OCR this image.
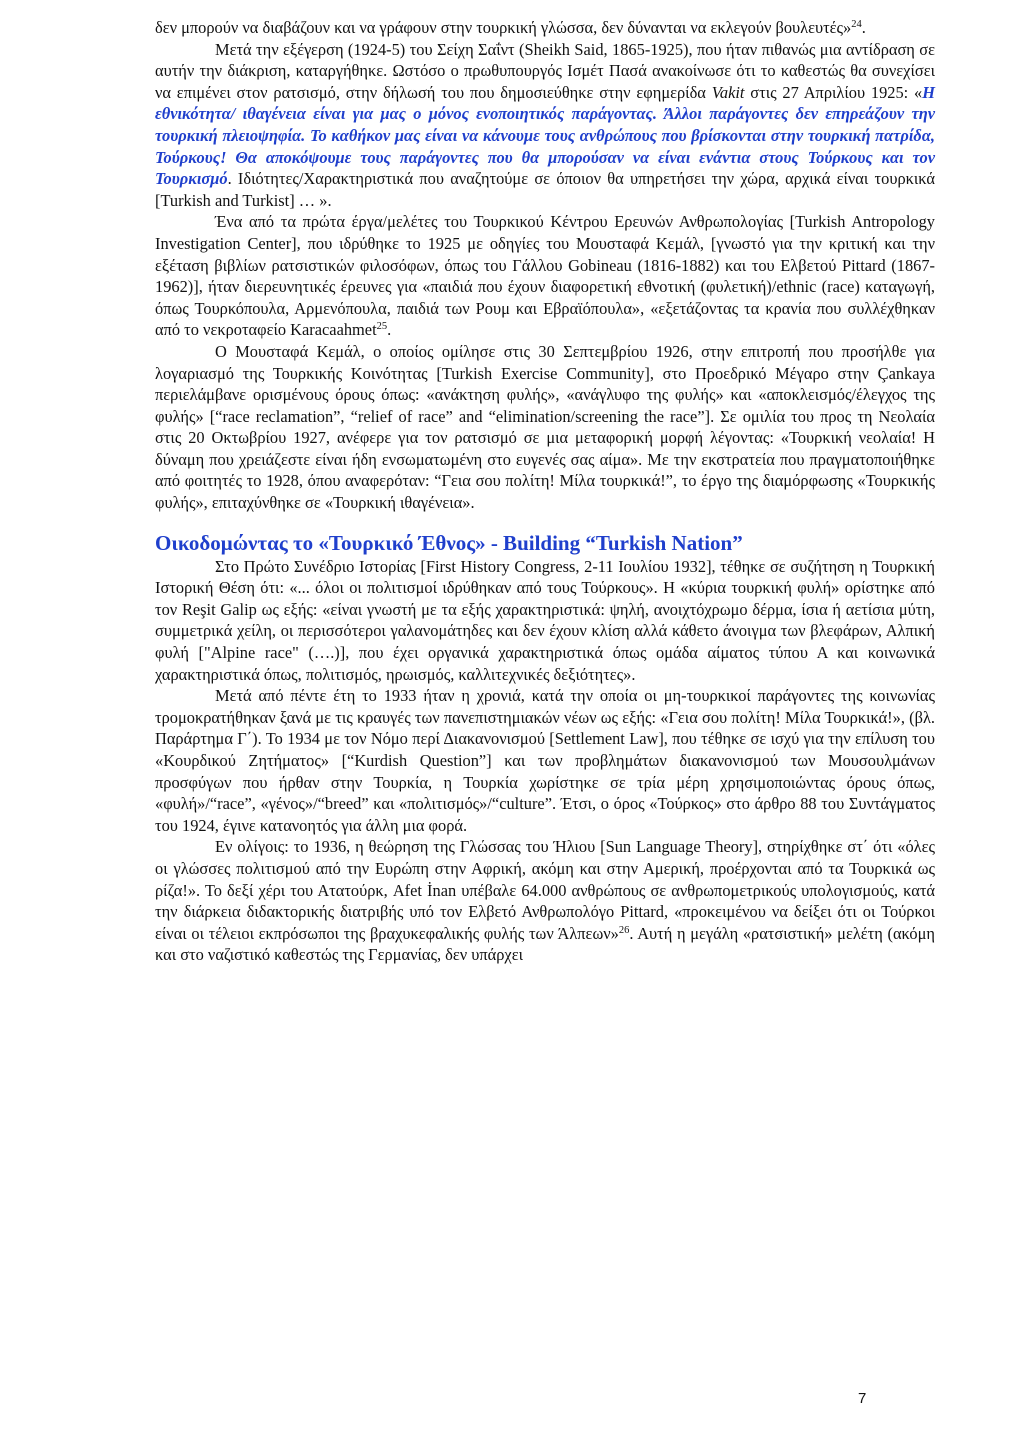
δεν μπορούν να διαβάζουν και να γράφουν στην τουρκική γλώσσα, δεν δύνανται να εκλεγούν βουλευτές»$^{24}$.

Μετά την εξέγερση (1924-5) του Σείχη Σαΐντ (Sheikh Said, 1865-1925), που ήταν πιθανώς μια αντίδραση σε αυτήν την διάκριση, καταργήθηκε. Ωστόσο ο πρωθυπουργός Ισμέτ Πασά ανακοίνωσε ότι το καθεστώς θα συνεχίσει να επιμένει στον ρατσισμό, στην δήλωσή του που δημοσιεύθηκε στην εφημερίδα Vakit στις 27 Απριλίου 1925: «Η εθνικότητα/ ιθαγένεια είναι για μας ο μόνος ενοποιητικός παράγοντας. Άλλοι παράγοντες δεν επηρεάζουν την τουρκική πλειοψηφία. Το καθήκον μας είναι να κάνουμε τους ανθρώπους που βρίσκονται στην τουρκική πατρίδα, Τούρκους! Θα αποκόψουμε τους παράγοντες που θα μπορούσαν να είναι ενάντια στους Τούρκους και τον Τουρκισμό. Ιδιότητες/Χαρακτηριστικά που αναζητούμε σε όποιον θα υπηρετήσει την χώρα, αρχικά είναι τουρκικά [Turkish and Turkist] … ».

Ένα από τα πρώτα έργα/μελέτες του Τουρκικού Κέντρου Ερευνών Ανθρωπολογίας [Turkish Antropology Investigation Center], που ιδρύθηκε το 1925 με οδηγίες του Μουσταφά Κεμάλ, [γνωστό για την κριτική και την εξέταση βιβλίων ρατσιστικών φιλοσόφων, όπως του Γάλλου Gobineau (1816-1882) και του Ελβετού Pittard (1867-1962)], ήταν διερευνητικές έρευνες για «παιδιά που έχουν διαφορετική εθνοτική (φυλετική)/ethnic (race) καταγωγή, όπως Τουρκόπουλα, Αρμενόπουλα, παιδιά των Ρουμ και Εβραϊόπουλα», «εξετάζοντας τα κρανία που συλλέχθηκαν από το νεκροταφείο Karacaahmet$^{25}$.

Ο Μουσταφά Κεμάλ, ο οποίος ομίλησε στις 30 Σεπτεμβρίου 1926, στην επιτροπή που προσήλθε για λογαριασμό της Τουρκικής Κοινότητας [Turkish Exercise Community], στο Προεδρικό Μέγαρο στην Çankaya περιελάμβανε ορισμένους όρους όπως: «ανάκτηση φυλής», «ανάγλυφο της φυλής» και «αποκλεισμός/έλεγχος της φυλής» [“race reclamation”, “relief of race” and “elimination/screening the race”]. Σε ομιλία του προς τη Νεολαία στις 20 Οκτωβρίου 1927, ανέφερε για τον ρατσισμό σε μια μεταφορική μορφή λέγοντας: «Τουρκική νεολαία! Η δύναμη που χρειάζεστε είναι ήδη ενσωματωμένη στο ευγενές σας αίμα». Με την εκστρατεία που πραγματοποιήθηκε από φοιτητές το 1928, όπου αναφερόταν: “Γεια σου πολίτη! Μίλα τουρκικά!”, το έργο της διαμόρφωσης «Τουρκικής φυλής», επιταχύνθηκε σε «Τουρκική ιθαγένεια».

Οικοδομώντας το «Τουρκικό Έθνος» - Building “Turkish Nation”

Στο Πρώτο Συνέδριο Ιστορίας [First History Congress, 2-11 Ιουλίου 1932], τέθηκε σε συζήτηση η Τουρκική Ιστορική Θέση ότι: «... όλοι οι πολιτισμοί ιδρύθηκαν από τους Τούρκους». Η «κύρια τουρκική φυλή» ορίστηκε από τον Reşit Galip ως εξής: «είναι γνωστή με τα εξής χαρακτηριστικά: ψηλή, ανοιχτόχρωμο δέρμα, ίσια ή αετίσια μύτη, συμμετρικά χείλη, οι περισσότεροι γαλανομάτηδες και δεν έχουν κλίση αλλά κάθετο άνοιγμα των βλεφάρων, Αλπική φυλή ["Alpine race" (….)], που έχει οργανικά χαρακτηριστικά όπως ομάδα αίματος τύπου Α και κοινωνικά χαρακτηριστικά όπως, πολιτισμός, ηρωισμός, καλλιτεχνικές δεξιότητες».

Μετά από πέντε έτη το 1933 ήταν η χρονιά, κατά την οποία οι μη-τουρκικοί παράγοντες της κοινωνίας τρομοκρατήθηκαν ξανά με τις κραυγές των πανεπιστημιακών νέων ως εξής: «Γεια σου πολίτη! Μίλα Τουρκικά!», (βλ. Παράρτημα Γ΄). Το 1934 με τον Νόμο περί Διακανονισμού [Settlement Law], που τέθηκε σε ισχύ για την επίλυση του «Κουρδικού Ζητήματος» [“Kurdish Question”] και των προβλημάτων διακανονισμού των Μουσουλμάνων προσφύγων που ήρθαν στην Τουρκία, η Τουρκία χωρίστηκε σε τρία μέρη χρησιμοποιώντας όρους όπως, «φυλή»/“race”, «γένος»/“breed” και «πολιτισμός»/“culture”. Έτσι, ο όρος «Τούρκος» στο άρθρο 88 του Συντάγματος του 1924, έγινε κατανοητός για άλλη μια φορά.

Εν ολίγοις: το 1936, η θεώρηση της Γλώσσας του Ήλιου [Sun Language Theory], στηρίχθηκε στ΄ ότι «όλες οι γλώσσες πολιτισμού από την Ευρώπη στην Αφρική, ακόμη και στην Αμερική, προέρχονται από τα Τουρκικά ως ρίζα!». Το δεξί χέρι του Ατατούρκ, Afet İnan υπέβαλε 64.000 ανθρώπους σε ανθρωπομετρικούς υπολογισμούς, κατά την διάρκεια διδακτορικής διατριβής υπό τον Ελβετό Ανθρωπολόγο Pittard, «προκειμένου να δείξει ότι οι Τούρκοι είναι οι τέλειοι εκπρόσωποι της βραχυκεφαλικής φυλής των Άλπεων»$^{26}$. Αυτή η μεγάλη «ρατσιστική» μελέτη (ακόμη και στο ναζιστικό καθεστώς της Γερμανίας, δεν υπάρχει

7
